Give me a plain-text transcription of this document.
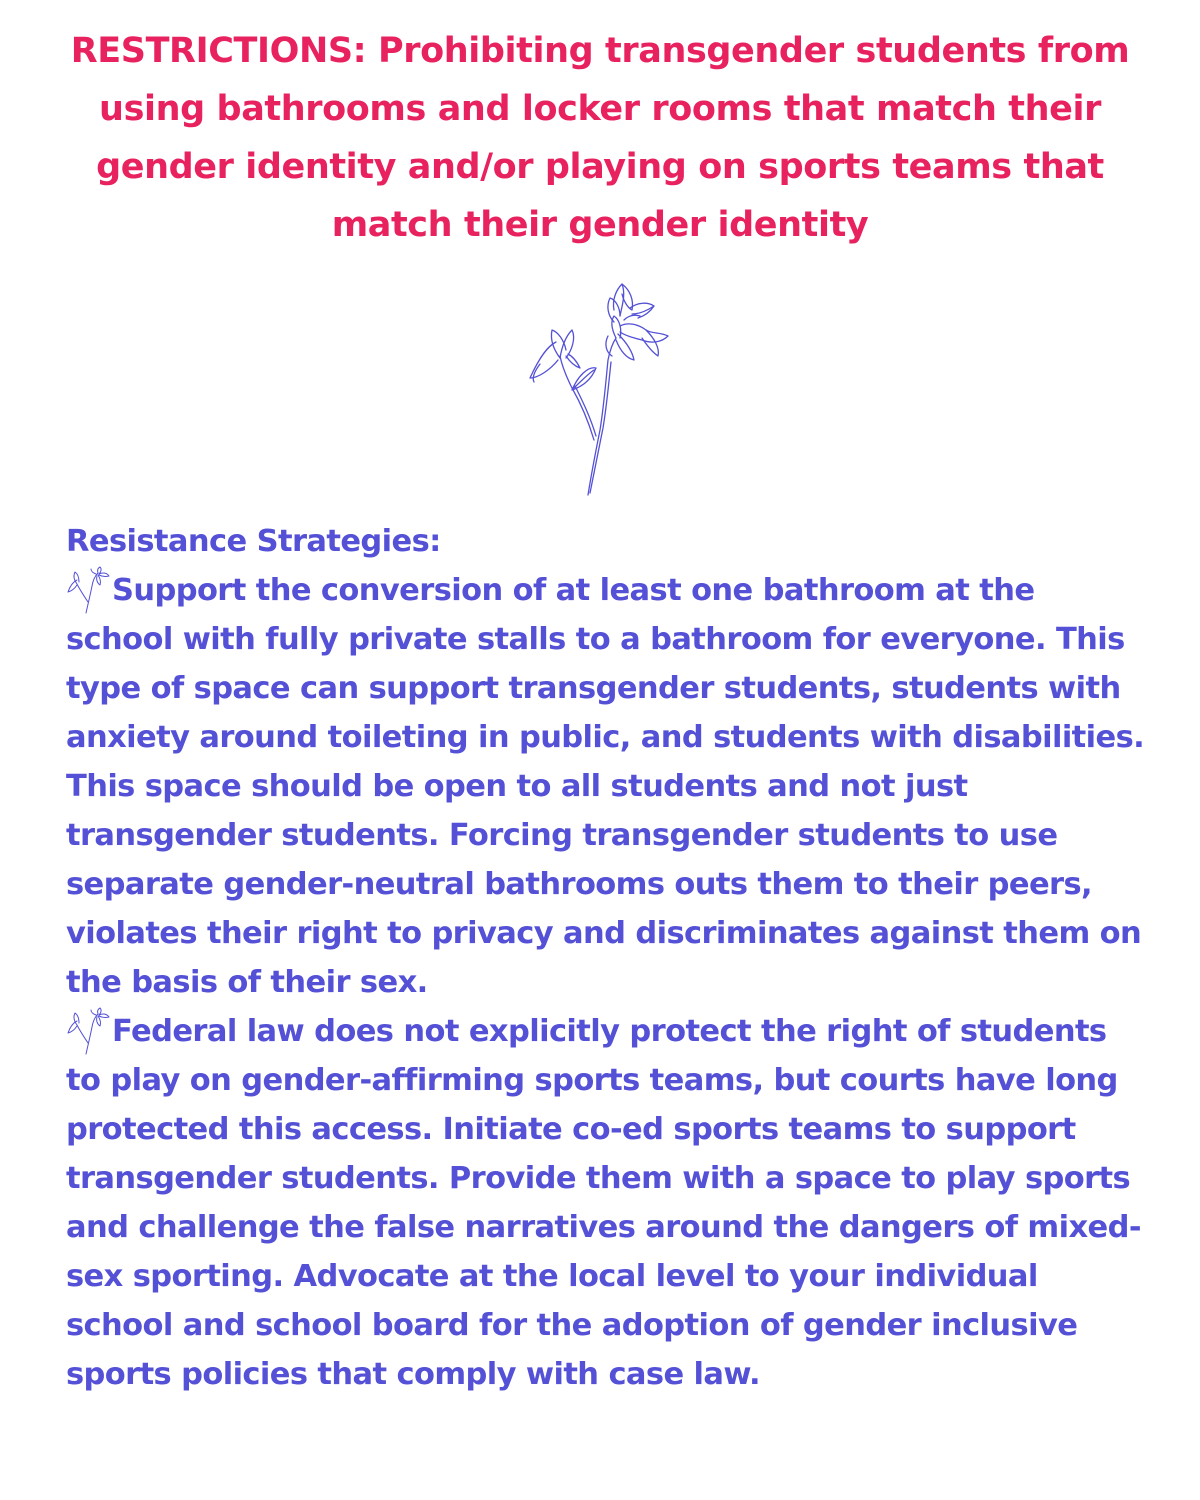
RESTRICTIONS: Prohibiting transgender students from using bathrooms and locker rooms that match their gender identity and/or playing on sports teams that match their gender identity

Resistance Strategies:

Support the conversion of at least one bathroom at the school with fully private stalls to a bathroom for everyone. This type of space can support transgender students, students with anxiety around toileting in public, and students with disabilities. This space should be open to all students and not just transgender students. Forcing transgender students to use separate gender-neutral bathrooms outs them to their peers, violates their right to privacy and discriminates against them on the basis of their sex.

Federal law does not explicitly protect the right of students to play on gender-affirming sports teams, but courts have long protected this access. Initiate co-ed sports teams to support transgender students. Provide them with a space to play sports and challenge the false narratives around the dangers of mixed-sex sporting. Advocate at the local level to your individual school and school board for the adoption of gender inclusive sports policies that comply with case law.
